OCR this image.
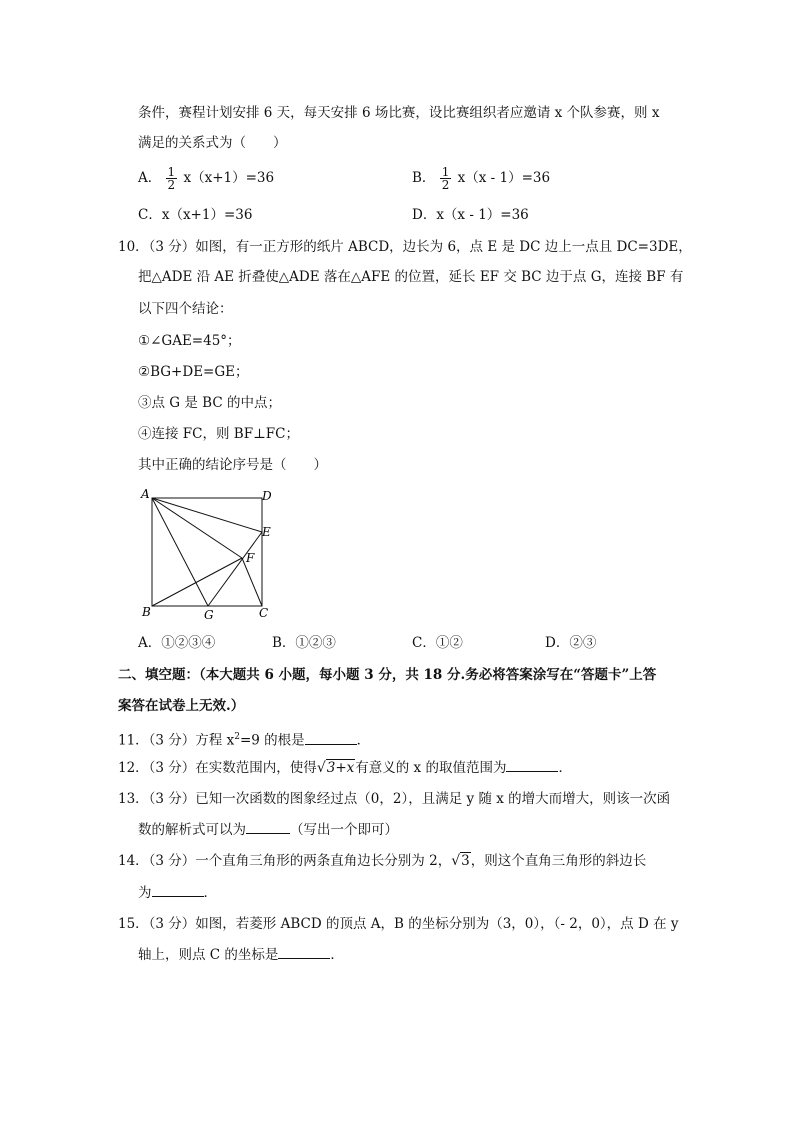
条件，赛程计划安排 6 天，每天安排 6 场比赛，设比赛组织者应邀请 x 个队参赛，则 x
满足的关系式为（　　）
A． $\frac{1}{2} x(x+1)=36$	B． $\frac{1}{2} x(x - 1)=36$
C．x（x+1）=36	D．x（x - 1）=36
10．（3 分）如图，有一正方形的纸片 ABCD，边长为 6，点 E 是 DC 边上一点且 DC=3DE，
把△ADE 沿 AE 折叠使△ADE 落在△AFE 的位置，延长 EF 交 BC 边于点 G，连接 BF 有
以下四个结论：
①∠GAE=45°；
②BG+DE=GE；
③点 G 是 BC 的中点；
④连接 FC，则 BF⊥FC；
其中正确的结论序号是（　　）
A	D
E
F
B	G	C
A．①②③④	B．①②③	C．①②	D．②③
二、填空题：（本大题共 6 小题，每小题 3 分，共 18 分.务必将答案涂写在“答题卡”上答
案答在试卷上无效.）
11．（3 分）方程 $x^2=9$ 的根是	．
12．（3 分）在实数范围内，使得√3+x有意义的 x 的取值范围为	．
13．（3 分）已知一次函数的图象经过点（0，2），且满足 y 随 x 的增大而增大，则该一次函
数的解析式可以为	（写出一个即可）
14．（3 分）一个直角三角形的两条直角边长分别为 2，√3，则这个直角三角形的斜边长
为	．
15．（3 分）如图，若菱形 ABCD 的顶点 A，B 的坐标分别为（3，0），（- 2，0），点 D 在 y
轴上，则点 C 的坐标是	．
